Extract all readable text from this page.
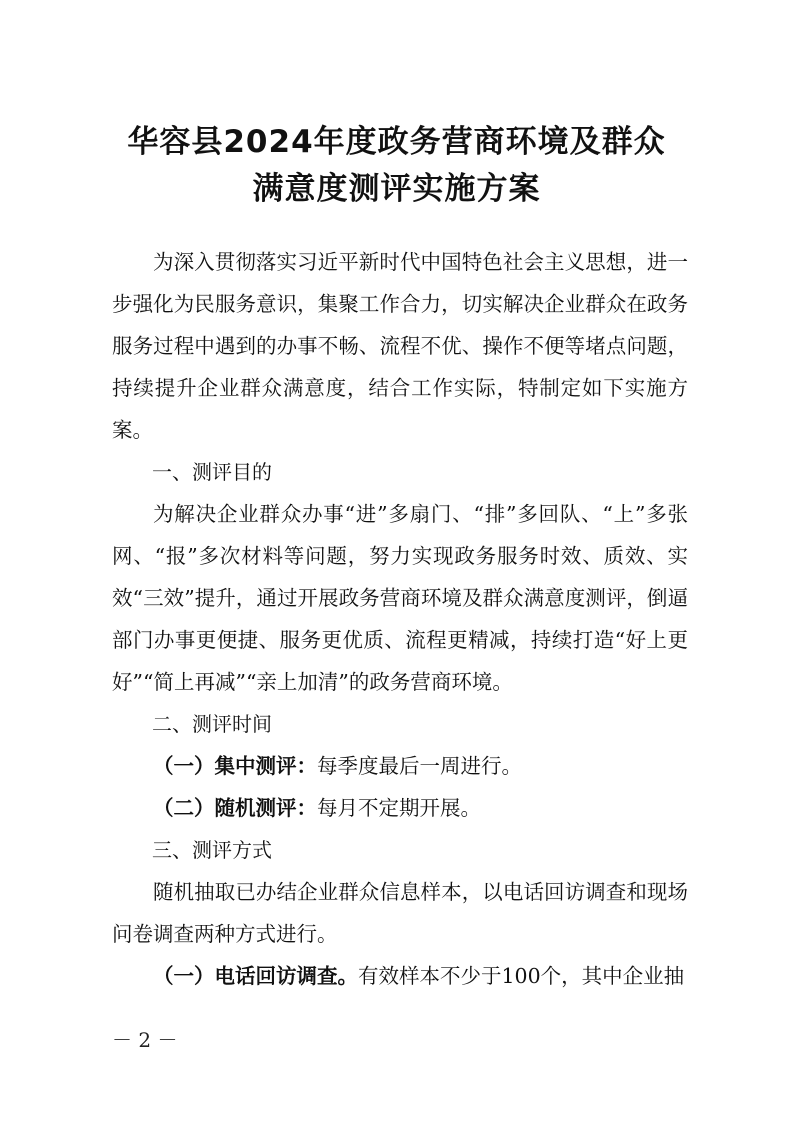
华容县2024年度政务营商环境及群众
满意度测评实施方案

为深入贯彻落实习近平新时代中国特色社会主义思想，进一步强化为民服务意识，集聚工作合力，切实解决企业群众在政务服务过程中遇到的办事不畅、流程不优、操作不便等堵点问题，持续提升企业群众满意度，结合工作实际，特制定如下实施方案。

一、测评目的

为解决企业群众办事“进”多扇门、“排”多回队、“上”多张网、“报”多次材料等问题，努力实现政务服务时效、质效、实效“三效”提升，通过开展政务营商环境及群众满意度测评，倒逼部门办事更便捷、服务更优质、流程更精减，持续打造“好上更好”“简上再减”“亲上加清”的政务营商环境。

二、测评时间

（一）集中测评：每季度最后一周进行。

（二）随机测评：每月不定期开展。

三、测评方式

随机抽取已办结企业群众信息样本，以电话回访调查和现场问卷调查两种方式进行。

（一）电话回访调查。有效样本不少于100个，其中企业抽

－ 2 －
